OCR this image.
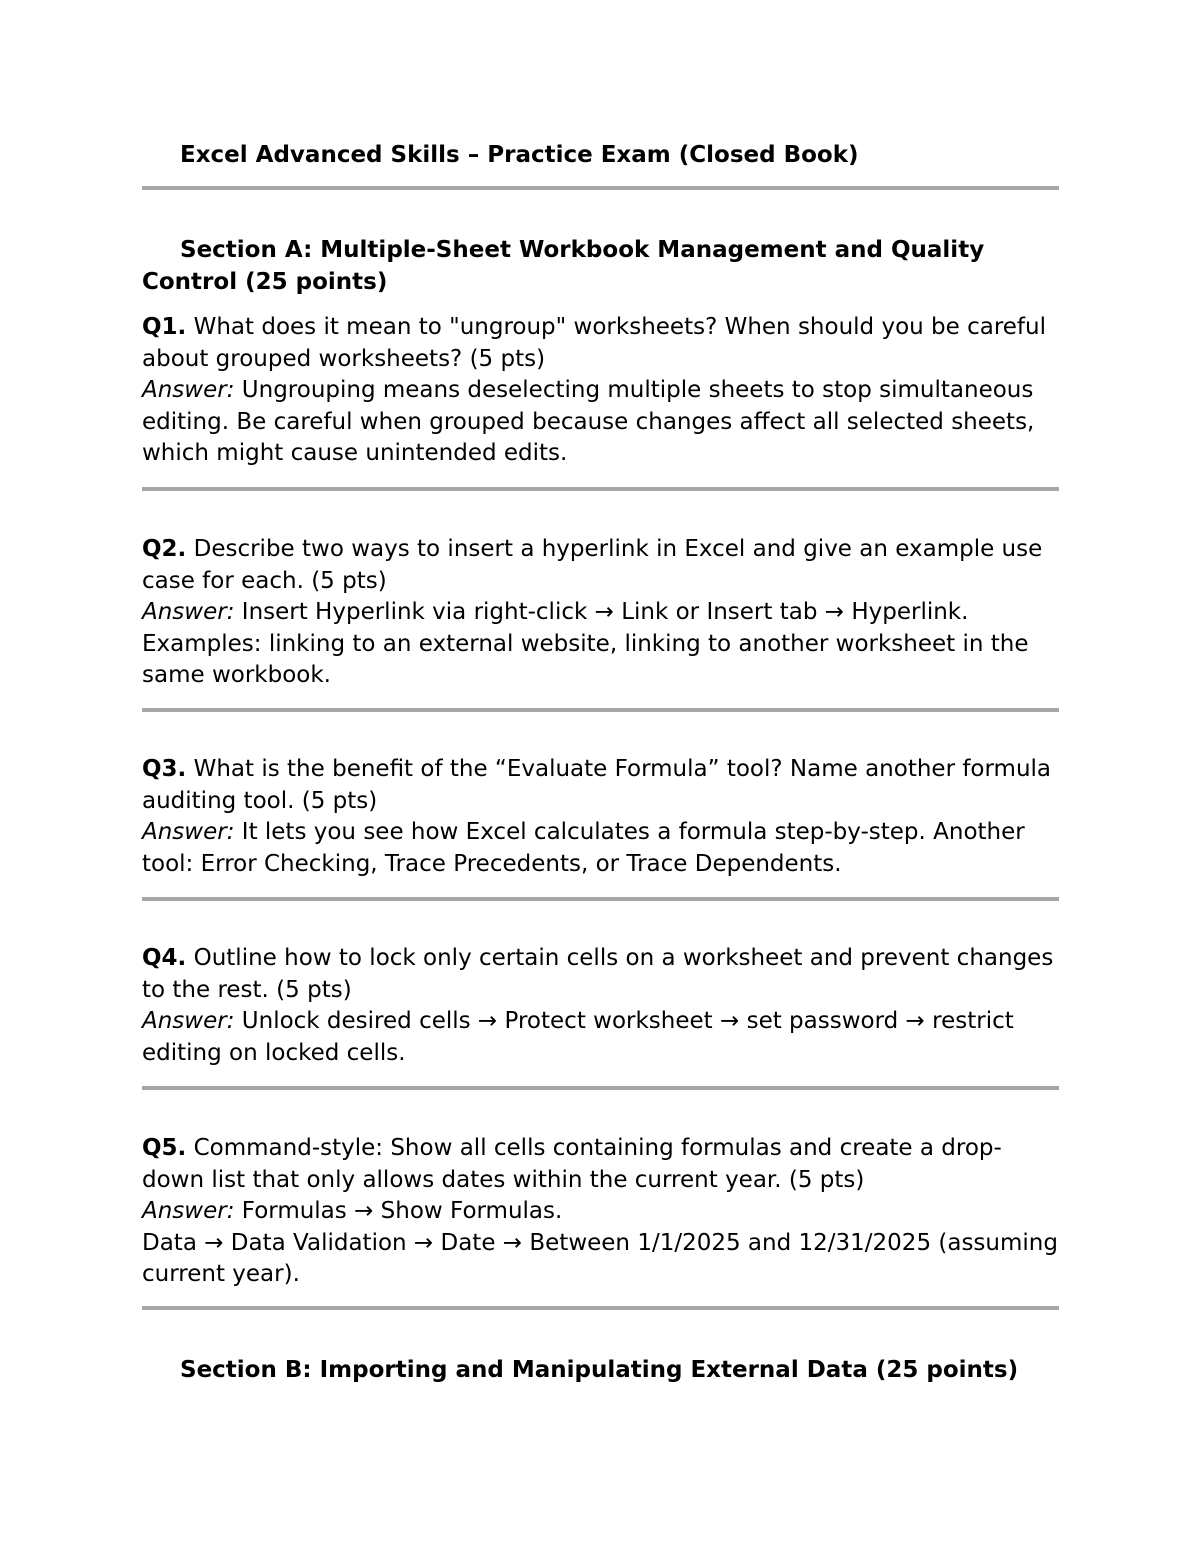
Excel Advanced Skills – Practice Exam (Closed Book)
Section A: Multiple-Sheet Workbook Management and Quality Control (25 points)

Q1. What does it mean to "ungroup" worksheets? When should you be careful about grouped worksheets? (5 pts)

Answer: Ungrouping means deselecting multiple sheets to stop simultaneous editing. Be careful when grouped because changes affect all selected sheets, which might cause unintended edits.

Q2. Describe two ways to insert a hyperlink in Excel and give an example use case for each. (5 pts)

Answer: Insert Hyperlink via right-click → Link or Insert tab → Hyperlink. Examples: linking to an external website, linking to another worksheet in the same workbook.

Q3. What is the benefit of the “Evaluate Formula” tool? Name another formula auditing tool. (5 pts)

Answer: It lets you see how Excel calculates a formula step-by-step. Another tool: Error Checking, Trace Precedents, or Trace Dependents.

Q4. Outline how to lock only certain cells on a worksheet and prevent changes to the rest. (5 pts)

Answer: Unlock desired cells → Protect worksheet → set password → restrict editing on locked cells.

Q5. Command-style: Show all cells containing formulas and create a drop-down list that only allows dates within the current year. (5 pts)

Answer: Formulas → Show Formulas.

Data → Data Validation → Date → Between 1/1/2025 and 12/31/2025 (assuming current year).

Section B: Importing and Manipulating External Data (25 points)
